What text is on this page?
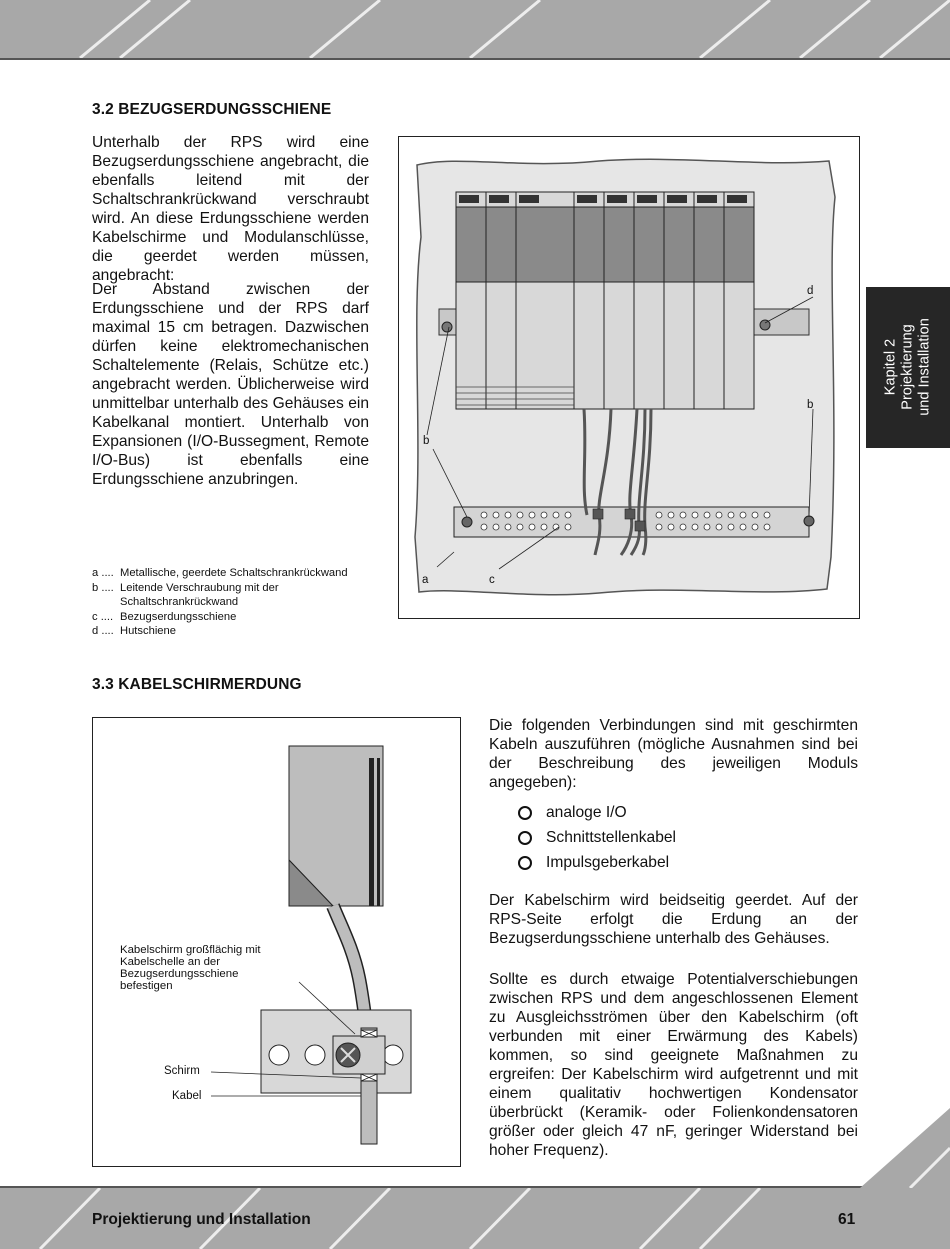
Kapitel 2 Projektierung und Installation
3.2 BEZUGSERDUNGSSCHIENE

Unterhalb der RPS wird eine Bezugserdungsschiene angebracht, die ebenfalls leitend mit der Schaltschrankrückwand verschraubt wird. An diese Erdungsschiene werden Kabelschirme und Modulanschlüsse, die geerdet werden müssen, angebracht:

Der Abstand zwischen der Erdungsschiene und der RPS darf maximal 15 cm betragen. Dazwischen dürfen keine elektromechanischen Schaltelemente (Relais, Schütze etc.) angebracht werden. Üblicherweise wird unmittelbar unterhalb des Gehäuses ein Kabelkanal montiert. Unterhalb von Expansionen (I/O-Bussegment, Remote I/O-Bus) ist ebenfalls eine Erdungsschiene anzubringen.

a .... Metallische, geerdete Schaltschrankrückwand
b .... Leitende Verschraubung mit der Schaltschrankrückwand
c .... Bezugserdungsschiene
d .... Hutschiene
d
b
b
a	c
3.3 KABELSCHIRMERDUNG
Kabelschirm großflächig mit Kabelschelle an der Bezugserdungsschiene befestigen
Schirm
Kabel

Die folgenden Verbindungen sind mit geschirmten Kabeln auszuführen (mögliche Ausnahmen sind bei der Beschreibung des jeweiligen Moduls angegeben):

analoge I/O
Schnittstellenkabel
Impulsgeberkabel

Der Kabelschirm wird beidseitig geerdet. Auf der RPS-Seite erfolgt die Erdung an der Bezugserdungsschiene unterhalb des Gehäuses.

Sollte es durch etwaige Potentialverschiebungen zwischen RPS und dem angeschlossenen Element zu Ausgleichsströmen über den Kabelschirm (oft verbunden mit einer Erwärmung des Kabels) kommen, so sind geeignete Maßnahmen zu ergreifen: Der Kabelschirm wird aufgetrennt und mit einem qualitativ hochwertigen Kondensator überbrückt (Keramik- oder Folienkondensatoren größer oder gleich 47 nF, geringer Widerstand bei hoher Frequenz).

Projektierung und Installation	61
